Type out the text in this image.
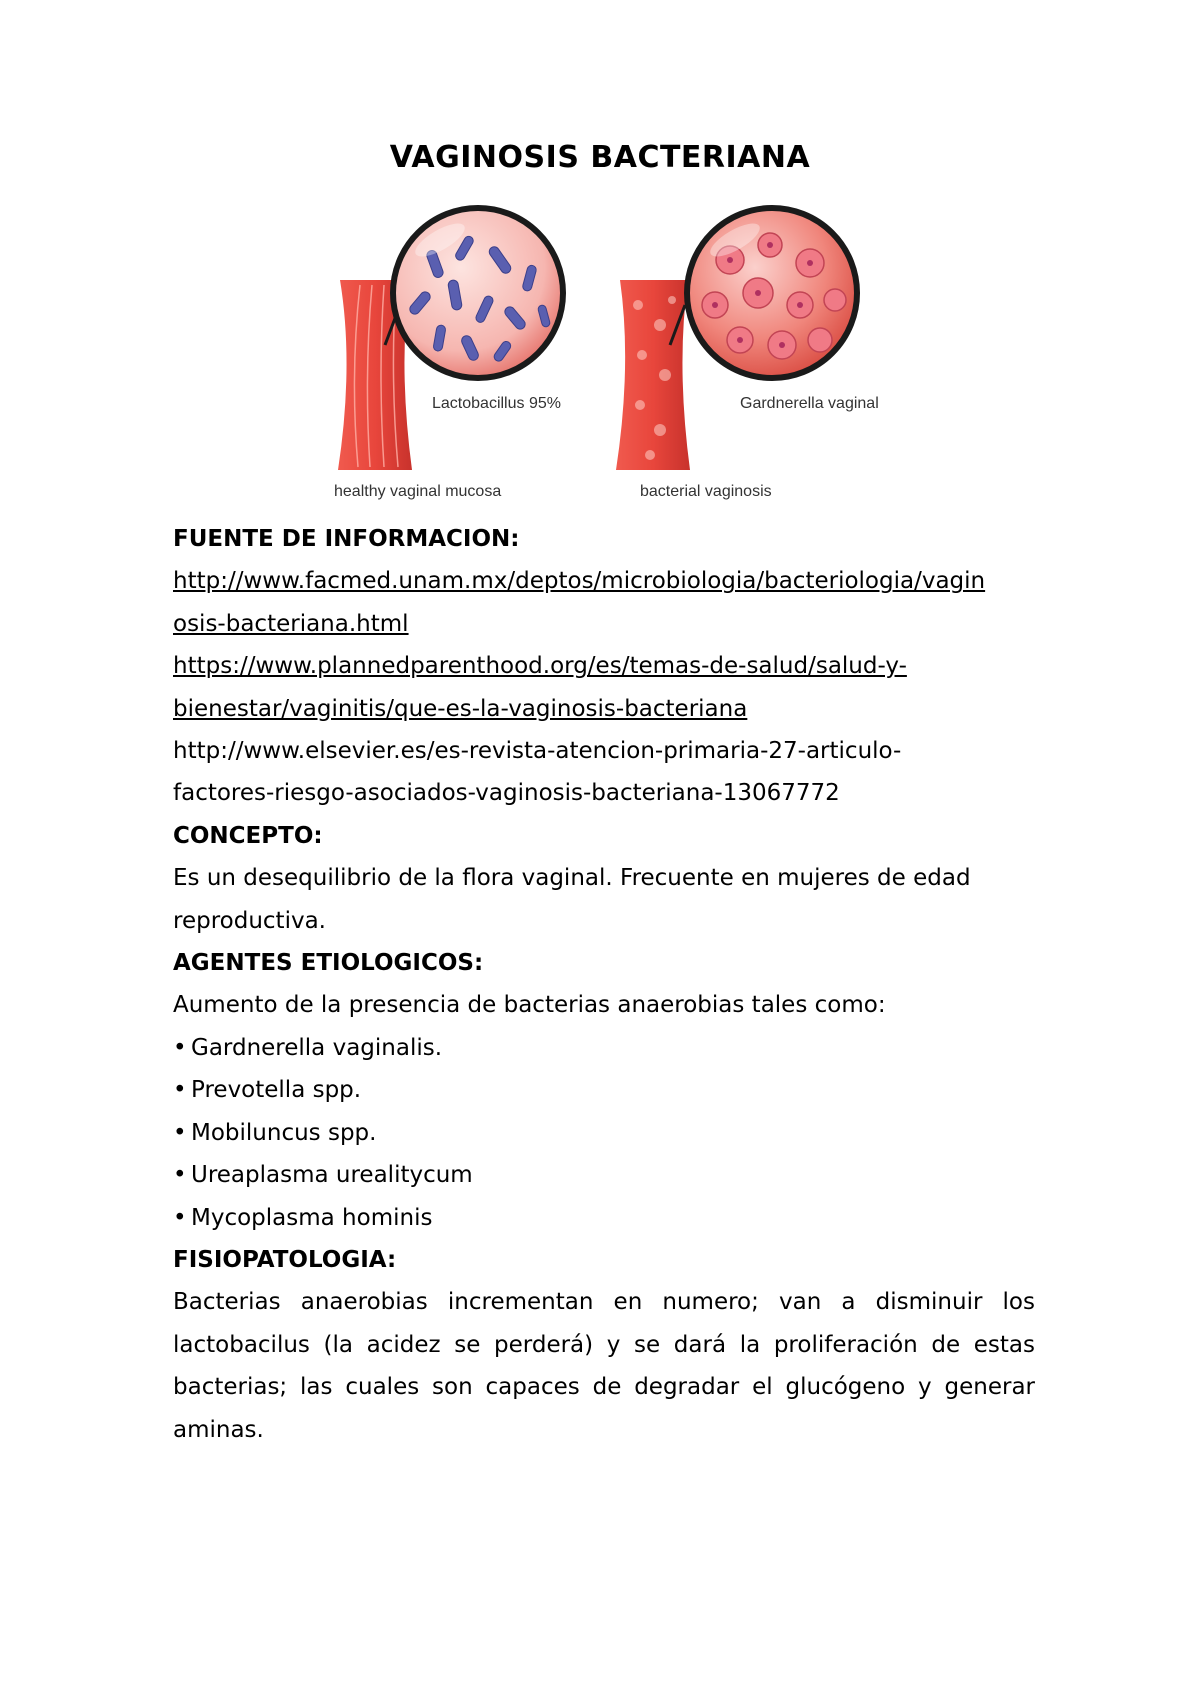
VAGINOSIS BACTERIANA
Lactobacillus 95%	Gardnerella vaginal
healthy vaginal mucosa	bacterial vaginosis

FUENTE DE INFORMACION:

http://www.facmed.unam.mx/deptos/microbiologia/bacteriologia/vagin

osis-bacteriana.html

https://www.plannedparenthood.org/es/temas-de-salud/salud-y-

bienestar/vaginitis/que-es-la-vaginosis-bacteriana

http://www.elsevier.es/es-revista-atencion-primaria-27-articulo-

factores-riesgo-asociados-vaginosis-bacteriana-13067772

CONCEPTO:

Es un desequilibrio de la flora vaginal. Frecuente en mujeres de edad

reproductiva.

AGENTES ETIOLOGICOS:

Aumento de la presencia de bacterias anaerobias tales como:

• Gardnerella vaginalis.
• Prevotella spp.
• Mobiluncus spp.
• Ureaplasma urealitycum
• Mycoplasma hominis

FISIOPATOLOGIA:

Bacterias anaerobias incrementan en numero; van a disminuir los

lactobacilus (la acidez se perderá) y se dará la proliferación de estas

bacterias; las cuales son capaces de degradar el glucógeno y generar

aminas.
